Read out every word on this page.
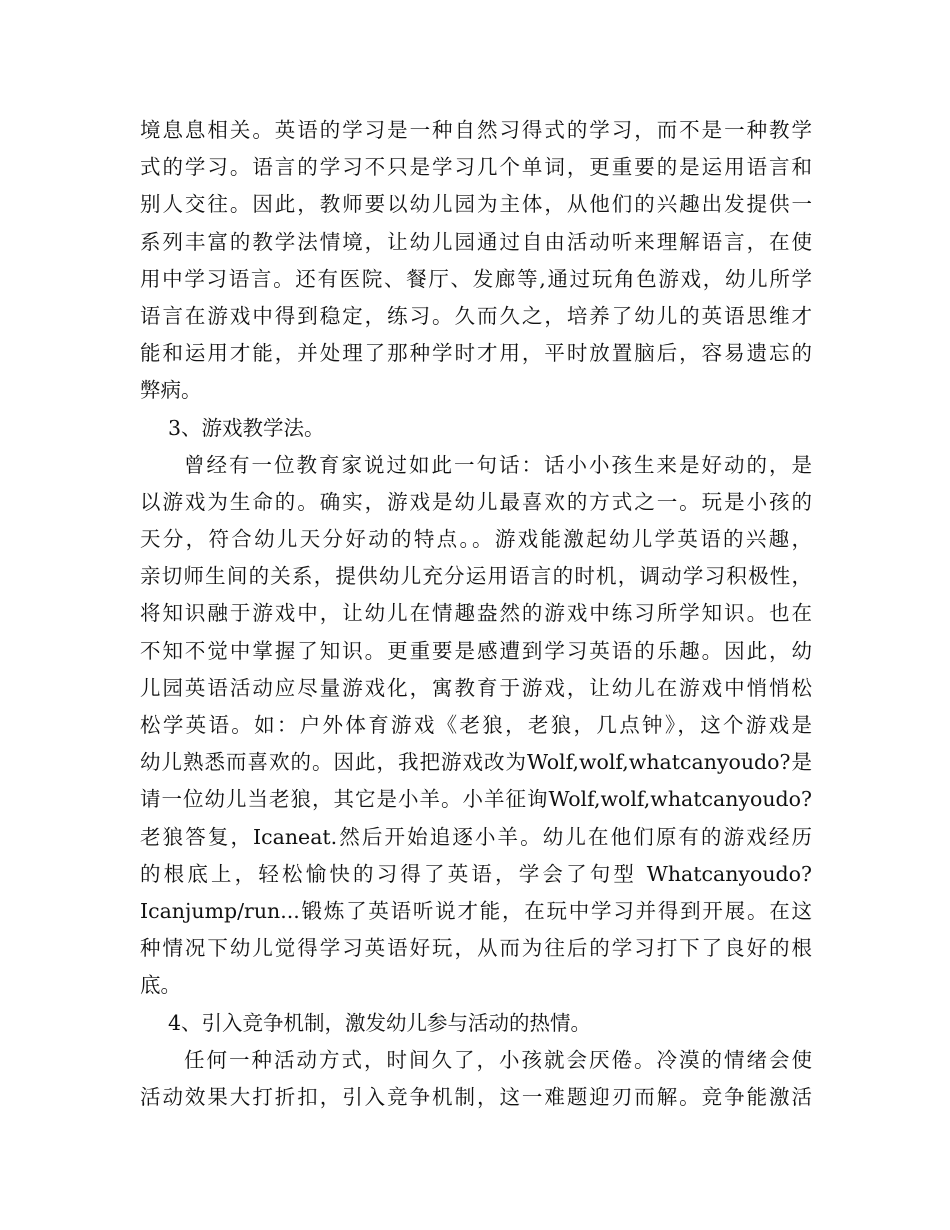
境息息相关。英语的学习是一种自然习得式的学习，而不是一种教学
式的学习。语言的学习不只是学习几个单词，更重要的是运用语言和
别人交往。因此，教师要以幼儿园为主体，从他们的兴趣出发提供一
系列丰富的教学法情境，让幼儿园通过自由活动听来理解语言，在使
用中学习语言。还有医院、餐厅、发廊等,通过玩角色游戏，幼儿所学
语言在游戏中得到稳定，练习。久而久之，培养了幼儿的英语思维才
能和运用才能，并处理了那种学时才用，平时放置脑后，容易遗忘的
弊病。
3、游戏教学法。
曾经有一位教育家说过如此一句话：话小小孩生来是好动的，是
以游戏为生命的。确实，游戏是幼儿最喜欢的方式之一。玩是小孩的
天分，符合幼儿天分好动的特点。。游戏能激起幼儿学英语的兴趣，
亲切师生间的关系，提供幼儿充分运用语言的时机，调动学习积极性，
将知识融于游戏中，让幼儿在情趣盎然的游戏中练习所学知识。也在
不知不觉中掌握了知识。更重要是感遭到学习英语的乐趣。因此，幼
儿园英语活动应尽量游戏化，寓教育于游戏，让幼儿在游戏中悄悄松
松学英语。如：户外体育游戏《老狼，老狼，几点钟》，这个游戏是
幼儿熟悉而喜欢的。因此，我把游戏改为Wolf,wolf,whatcanyoudo?是
请一位幼儿当老狼，其它是小羊。小羊征询Wolf,wolf,whatcanyoudo?
老狼答复，Icaneat.然后开始追逐小羊。幼儿在他们原有的游戏经历
的根底上，轻松愉快的习得了英语，学会了句型 Whatcanyoudo?
Icanjump/run...锻炼了英语听说才能，在玩中学习并得到开展。在这
种情况下幼儿觉得学习英语好玩，从而为往后的学习打下了良好的根
底。
4、引入竞争机制，激发幼儿参与活动的热情。
任何一种活动方式，时间久了，小孩就会厌倦。冷漠的情绪会使
活动效果大打折扣，引入竞争机制，这一难题迎刃而解。竞争能激活
